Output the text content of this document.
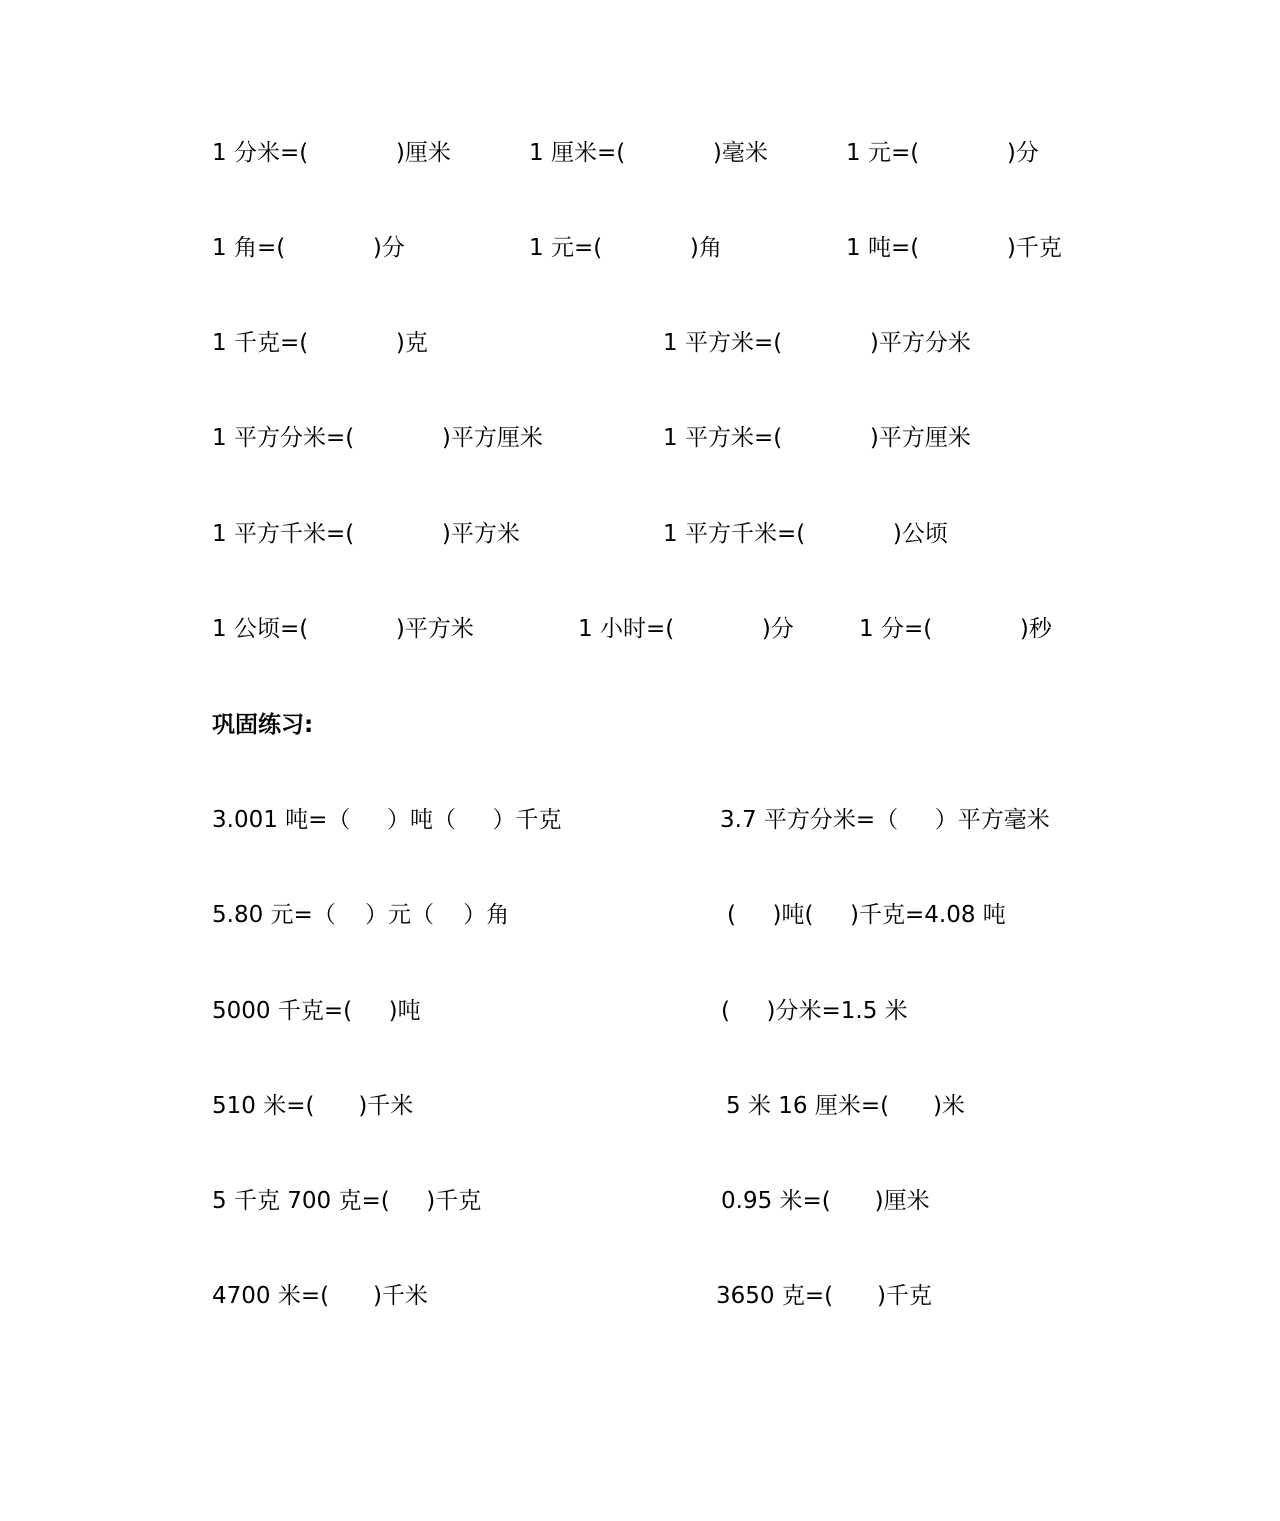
1 分米=(            )厘米	1 厘米=(            )毫米	1 元=(            )分
1 角=(            )分	1 元=(            )角	1 吨=(            )千克
1 千克=(            )克	1 平方米=(            )平方分米
1 平方分米=(            )平方厘米	1 平方米=(            )平方厘米
1 平方千米=(            )平方米	1 平方千米=(            )公顷
1 公顷=(            )平方米	1 小时=(            )分	1 分=(            )秒
巩固练习:
3.001 吨=（     ）吨（     ）千克	3.7 平方分米=（     ）平方毫米
5.80 元=（    ）元（    ）角	(     )吨(     )千克=4.08 吨
5000 千克=(     )吨	(     )分米=1.5 米
510 米=(      )千米	5 米 16 厘米=(      )米
5 千克 700 克=(     )千克	0.95 米=(      )厘米
4700 米=(      )千米	3650 克=(      )千克
